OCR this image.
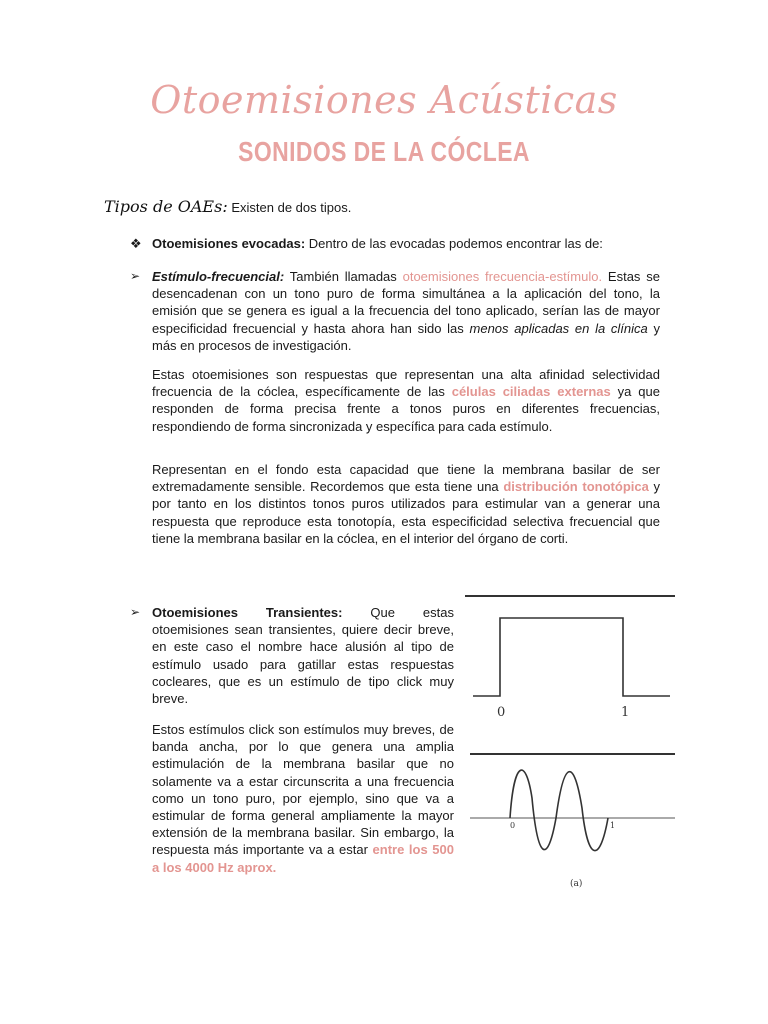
Otoemisiones Acústicas
SONIDOS DE LA CÓCLEA
Tipos de OAEs: Existen de dos tipos.
❖ Otoemisiones evocadas: Dentro de las evocadas podemos encontrar las de:
➢ Estímulo-frecuencial: También llamadas otoemisiones frecuencia-estímulo. Estas se desencadenan con un tono puro de forma simultánea a la aplicación del tono, la emisión que se genera es igual a la frecuencia del tono aplicado, serían las de mayor especificidad frecuencial y hasta ahora han sido las menos aplicadas en la clínica y más en procesos de investigación.
Estas otoemisiones son respuestas que representan una alta afinidad selectividad frecuencia de la cóclea, específicamente de las células ciliadas externas ya que responden de forma precisa frente a tonos puros en diferentes frecuencias, respondiendo de forma sincronizada y específica para cada estímulo.
Representan en el fondo esta capacidad que tiene la membrana basilar de ser extremadamente sensible. Recordemos que esta tiene una distribución tonotópica y por tanto en los distintos tonos puros utilizados para estimular van a generar una respuesta que reproduce esta tonotopía, esta especificidad selectiva frecuencial que tiene la membrana basilar en la cóclea, en el interior del órgano de corti.
➢ Otoemisiones Transientes: Que estas otoemisiones sean transientes, quiere decir breve, en este caso el nombre hace alusión al tipo de estímulo usado para gatillar estas respuestas cocleares, que es un estímulo de tipo click muy breve.
Estos estímulos click son estímulos muy breves, de banda ancha, por lo que genera una amplia estimulación de la membrana basilar que no solamente va a estar circunscrita a una frecuencia como un tono puro, por ejemplo, sino que va a estimular de forma general ampliamente la mayor extensión de la membrana basilar. Sin embargo, la respuesta más importante va a estar entre los 500 a los 4000 Hz aprox.
0	1
0	1
(a)
